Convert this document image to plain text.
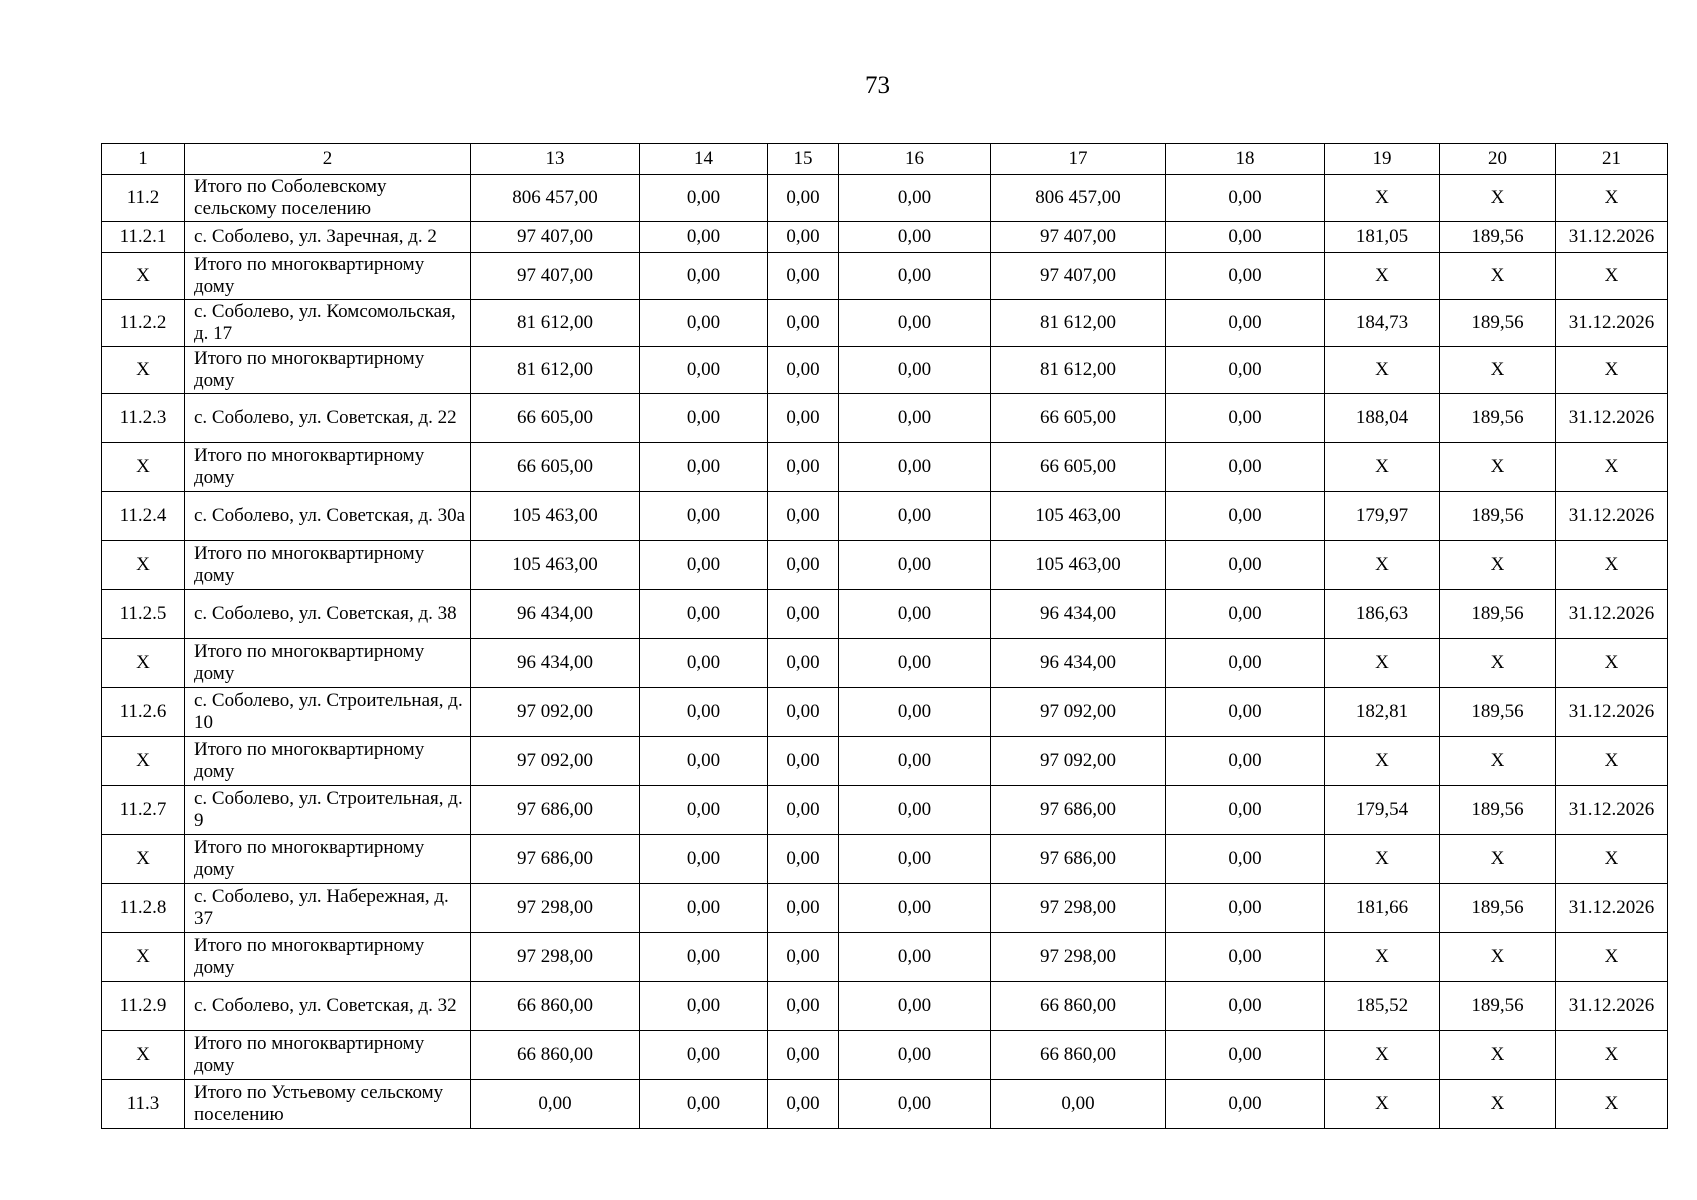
73
1	2	13	14	15	16	17	18	19	20	21
11.2	Итого по Соболевскому сельскому поселению	806 457,00	0,00	0,00	0,00	806 457,00	0,00	X	X	X
11.2.1	с. Соболево, ул. Заречная, д. 2	97 407,00	0,00	0,00	0,00	97 407,00	0,00	181,05	189,56	31.12.2026
X	Итого по многоквартирному дому	97 407,00	0,00	0,00	0,00	97 407,00	0,00	X	X	X
11.2.2	с. Соболево, ул. Комсомольская, д. 17	81 612,00	0,00	0,00	0,00	81 612,00	0,00	184,73	189,56	31.12.2026
X	Итого по многоквартирному дому	81 612,00	0,00	0,00	0,00	81 612,00	0,00	X	X	X
11.2.3	с. Соболево, ул. Советская, д. 22	66 605,00	0,00	0,00	0,00	66 605,00	0,00	188,04	189,56	31.12.2026
X	Итого по многоквартирному дому	66 605,00	0,00	0,00	0,00	66 605,00	0,00	X	X	X
11.2.4	с. Соболево, ул. Советская, д. 30а	105 463,00	0,00	0,00	0,00	105 463,00	0,00	179,97	189,56	31.12.2026
X	Итого по многоквартирному дому	105 463,00	0,00	0,00	0,00	105 463,00	0,00	X	X	X
11.2.5	с. Соболево, ул. Советская, д. 38	96 434,00	0,00	0,00	0,00	96 434,00	0,00	186,63	189,56	31.12.2026
X	Итого по многоквартирному дому	96 434,00	0,00	0,00	0,00	96 434,00	0,00	X	X	X
11.2.6	с. Соболево, ул. Строительная, д. 10	97 092,00	0,00	0,00	0,00	97 092,00	0,00	182,81	189,56	31.12.2026
X	Итого по многоквартирному дому	97 092,00	0,00	0,00	0,00	97 092,00	0,00	X	X	X
11.2.7	с. Соболево, ул. Строительная, д. 9	97 686,00	0,00	0,00	0,00	97 686,00	0,00	179,54	189,56	31.12.2026
X	Итого по многоквартирному дому	97 686,00	0,00	0,00	0,00	97 686,00	0,00	X	X	X
11.2.8	с. Соболево, ул. Набережная, д. 37	97 298,00	0,00	0,00	0,00	97 298,00	0,00	181,66	189,56	31.12.2026
X	Итого по многоквартирному дому	97 298,00	0,00	0,00	0,00	97 298,00	0,00	X	X	X
11.2.9	с. Соболево, ул. Советская, д. 32	66 860,00	0,00	0,00	0,00	66 860,00	0,00	185,52	189,56	31.12.2026
X	Итого по многоквартирному дому	66 860,00	0,00	0,00	0,00	66 860,00	0,00	X	X	X
11.3	Итого по Устьевому сельскому поселению	0,00	0,00	0,00	0,00	0,00	0,00	X	X	X
